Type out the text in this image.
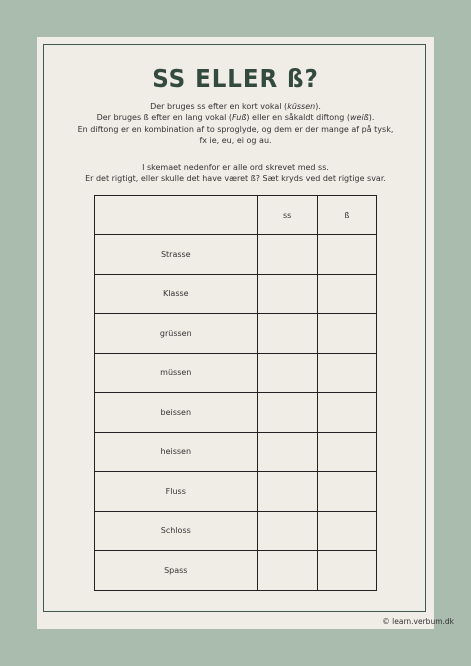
SS ELLER ß?

Der bruges ss efter en kort vokal (küssen).

Der bruges ß efter en lang vokal (Fuß) eller en såkaldt diftong (weiß).

En diftong er en kombination af to sproglyde, og dem er der mange af på tysk,

fx ie, eu, ei og au.

I skemaet nedenfor er alle ord skrevet med ss.

Er det rigtigt, eller skulle det have været ß? Sæt kryds ved det rigtige svar.

	ss	ß
Strasse		
Klasse		
grüssen		
müssen		
beissen		
heissen		
Fluss		
Schloss		
Spass		
© learn.verbum.dk
